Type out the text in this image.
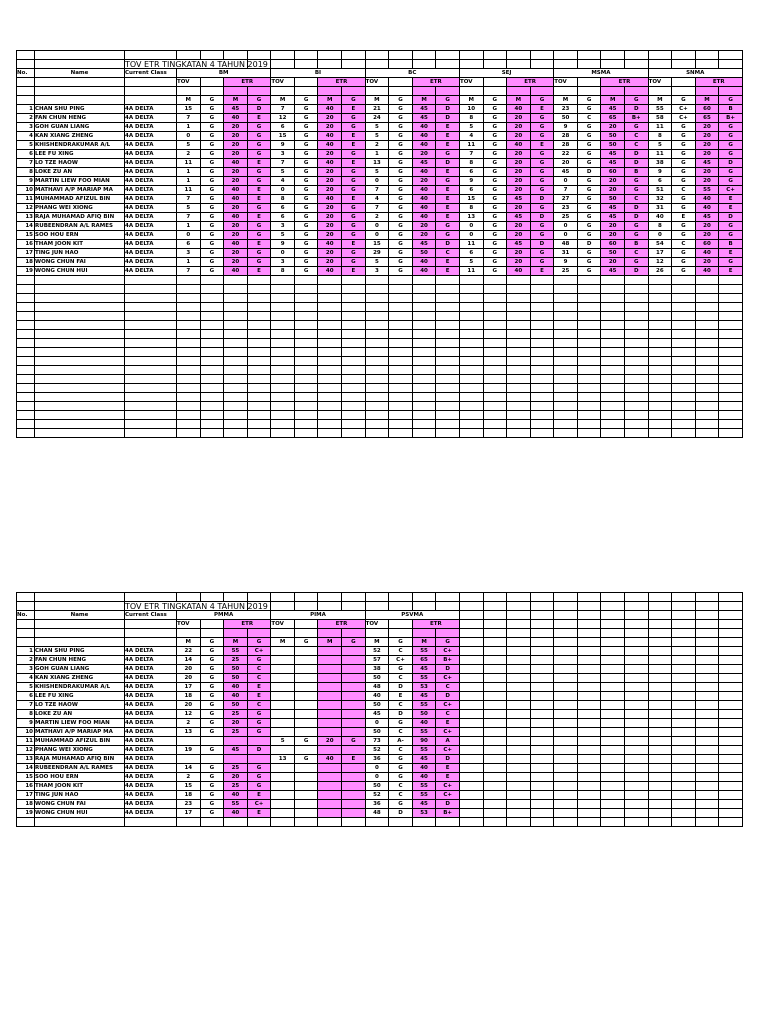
		TOV ETR TINGKATAN 4 TAHUN 2019																								
No.	Name	Current Class	BM				BI				BC				SEJ				MSMA				SNMA			
			TOV		ETR		TOV		ETR		TOV		ETR		TOV		ETR		TOV		ETR		TOV		ETR	

			M	G	M	G	M	G	M	G	M	G	M	G	M	G	M	G	M	G	M	G	M	G	M	G
1	CHAN SHU PING	4A DELTA	15	G	45	D	7	G	40	E	21	G	45	D	10	G	40	E	23	G	45	D	55	C+	60	B
2	FAN CHUN HENG	4A DELTA	7	G	40	E	12	G	20	G	24	G	45	D	8	G	20	G	50	C	65	B+	58	C+	65	B+
3	GOH GUAN LIANG	4A DELTA	1	G	20	G	6	G	20	G	5	G	40	E	5	G	20	G	9	G	20	G	11	G	20	G
4	KAN XIANG ZHENG	4A DELTA	0	G	20	G	15	G	40	E	5	G	40	E	4	G	20	G	28	G	50	C	8	G	20	G
5	KHISHENDRAKUMAR A/L	4A DELTA	5	G	20	G	9	G	40	E	2	G	40	E	11	G	40	E	28	G	50	C	5	G	20	G
6	LEE FU XING	4A DELTA	2	G	20	G	3	G	20	G	1	G	20	G	7	G	20	G	22	G	45	D	11	G	20	G
7	LO TZE HAOW	4A DELTA	11	G	40	E	7	G	40	E	13	G	45	D	8	G	20	G	20	G	45	D	38	G	45	D
8	LOKE ZU AN	4A DELTA	1	G	20	G	5	G	20	G	5	G	40	E	6	G	20	G	45	D	60	B	9	G	20	G
9	MARTIN LIEW FOO MIAN	4A DELTA	1	G	20	G	4	G	20	G	0	G	20	G	9	G	20	G	0	G	20	G	6	G	20	G
10	MATHAVI A/P MARIAP MA	4A DELTA	11	G	40	E	0	G	20	G	7	G	40	E	6	G	20	G	7	G	20	G	51	C	55	C+
11	MUHAMMAD AFIZUL BIN	4A DELTA	7	G	40	E	8	G	40	E	4	G	40	E	15	G	45	D	27	G	50	C	32	G	40	E
12	PHANG WEI XIONG	4A DELTA	5	G	20	G	6	G	20	G	7	G	40	E	8	G	20	G	23	G	45	D	31	G	40	E
13	RAJA MUHAMAD AFIQ BIN	4A DELTA	7	G	40	E	6	G	20	G	2	G	40	E	13	G	45	D	25	G	45	D	40	E	45	D
14	RUBEENDRAN A/L RAMES	4A DELTA	1	G	20	G	3	G	20	G	0	G	20	G	0	G	20	G	0	G	20	G	8	G	20	G
15	SOO HOU ERN	4A DELTA	0	G	20	G	5	G	20	G	0	G	20	G	0	G	20	G	0	G	20	G	0	G	20	G
16	THAM JOON KIT	4A DELTA	6	G	40	E	9	G	40	E	15	G	45	D	11	G	45	D	48	D	60	B	54	C	60	B
17	TING JUN HAO	4A DELTA	3	G	20	G	0	G	20	G	29	G	50	C	6	G	20	G	31	G	50	C	17	G	40	E
18	WONG CHUN FAI	4A DELTA	1	G	20	G	3	G	20	G	5	G	40	E	5	G	20	G	9	G	20	G	12	G	20	G
19	WONG CHUN HUI	4A DELTA	7	G	40	E	8	G	40	E	3	G	40	E	11	G	40	E	25	G	45	D	26	G	40	E

		TOV ETR TINGKATAN 4 TAHUN 2019																								
No.	Name	Current Class	PMMA				PIMA				PSVMA															
			TOV		ETR		TOV		ETR		TOV		ETR													

			M	G	M	G	M	G	M	G	M	G	M	G												
1	CHAN SHU PING	4A DELTA	22	G	55	C+					52	C	55	C+												
2	FAN CHUN HENG	4A DELTA	14	G	25	G					57	C+	65	B+												
3	GOH GUAN LIANG	4A DELTA	20	G	50	C					38	G	45	D												
4	KAN XIANG ZHENG	4A DELTA	20	G	50	C					50	C	55	C+												
5	KHISHENDRAKUMAR A/L	4A DELTA	17	G	40	E					48	D	53	C												
6	LEE FU XING	4A DELTA	18	G	40	E					40	E	45	D												
7	LO TZE HAOW	4A DELTA	20	G	50	C					50	C	55	C+												
8	LOKE ZU AN	4A DELTA	12	G	25	G					45	D	50	C												
9	MARTIN LIEW FOO MIAN	4A DELTA	2	G	20	G					0	G	40	E												
10	MATHAVI A/P MARIAP MA	4A DELTA	13	G	25	G					50	C	55	C+												
11	MUHAMMAD AFIZUL BIN	4A DELTA					5	G	20	G	73	A-	90	A												
12	PHANG WEI XIONG	4A DELTA	19	G	45	D					52	C	55	C+												
13	RAJA MUHAMAD AFIQ BIN	4A DELTA					13	G	40	E	36	G	45	D												
14	RUBEENDRAN A/L RAMES	4A DELTA	14	G	25	G					0	G	40	E												
15	SOO HOU ERN	4A DELTA	2	G	20	G					0	G	40	E												
16	THAM JOON KIT	4A DELTA	15	G	25	G					50	C	55	C+												
17	TING JUN HAO	4A DELTA	18	G	40	E					52	C	55	C+												
18	WONG CHUN FAI	4A DELTA	23	G	55	C+					36	G	45	D												
19	WONG CHUN HUI	4A DELTA	17	G	40	E					48	D	53	B+												
